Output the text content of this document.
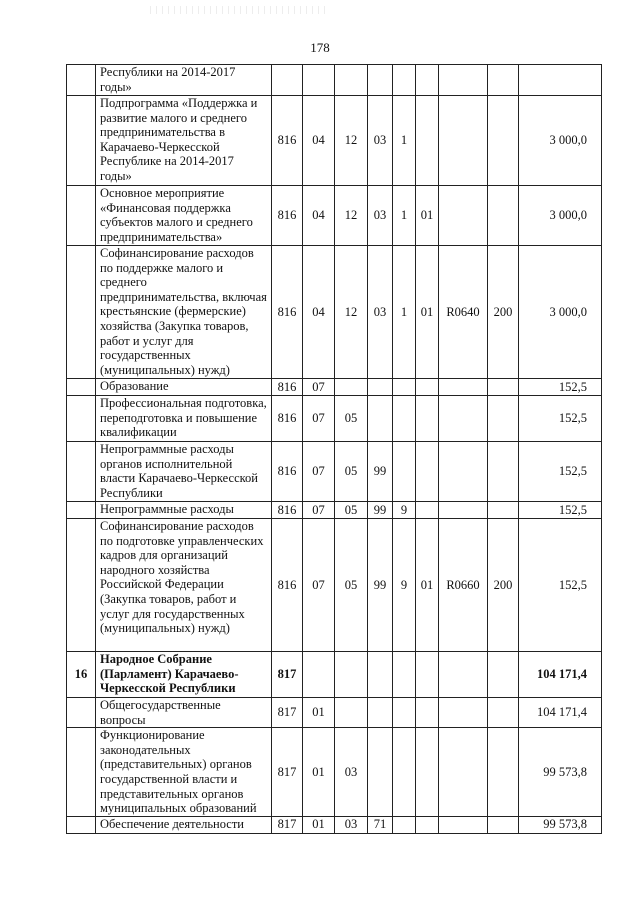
178
	Республики на 2014-2017 годы»									
	Подпрограмма «Поддержка и развитие малого и среднего предпринимательства в Карачаево-Черкесской Республике на 2014-2017 годы»	816	04	12	03	1				3 000,0
	Основное мероприятие «Финансовая поддержка субъектов малого и среднего предпринимательства»	816	04	12	03	1	01			3 000,0
	Софинансирование расходов по поддержке малого и среднего предпринимательства, включая крестьянские (фермерские) хозяйства (Закупка товаров, работ и услуг для государственных (муниципальных) нужд)	816	04	12	03	1	01	R0640	200	3 000,0
	Образование	816	07							152,5
	Профессиональная подготовка, переподготовка и повышение квалификации	816	07	05						152,5
	Непрограммные расходы органов исполнительной власти Карачаево-Черкесской Республики	816	07	05	99					152,5
	Непрограммные расходы	816	07	05	99	9				152,5
	Софинансирование расходов по подготовке управленческих кадров для организаций народного хозяйства Российской Федерации (Закупка товаров, работ и услуг для государственных (муниципальных) нужд)	816	07	05	99	9	01	R0660	200	152,5
16	Народное Собрание (Парламент) Карачаево-Черкесской Республики	817								104 171,4
	Общегосударственные вопросы	817	01							104 171,4
	Функционирование законодательных (представительных) органов государственной власти и представительных органов муниципальных образований	817	01	03						99 573,8
	Обеспечение деятельности	817	01	03	71					99 573,8
